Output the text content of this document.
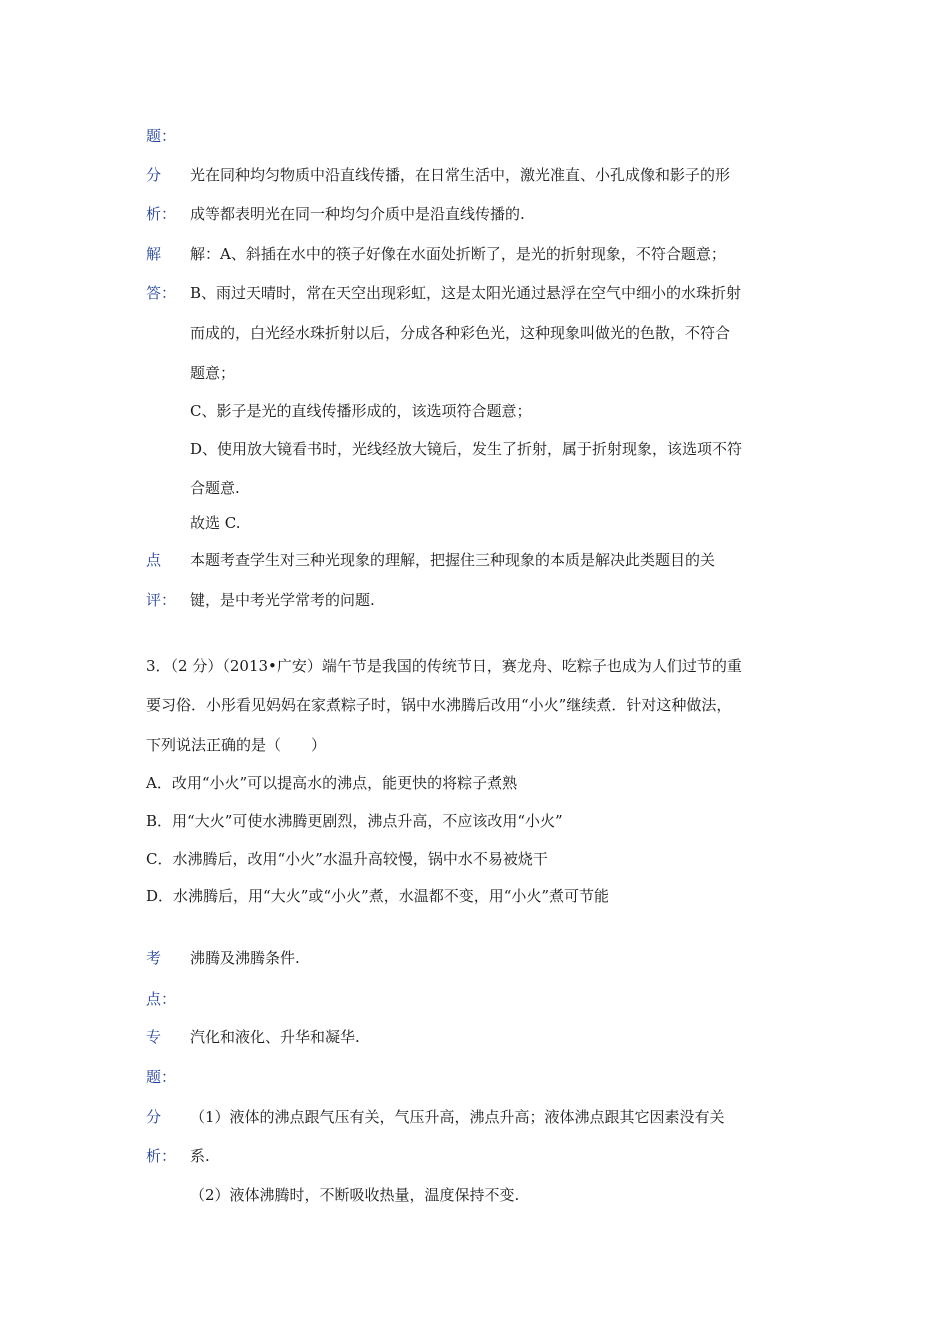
题：
分
析：
光在同种均匀物质中沿直线传播，在日常生活中，激光准直、小孔成像和影子的形
成等都表明光在同一种均匀介质中是沿直线传播的.
解
答：
解：A、斜插在水中的筷子好像在水面处折断了，是光的折射现象，不符合题意；
B、雨过天晴时，常在天空出现彩虹，这是太阳光通过悬浮在空气中细小的水珠折射
而成的，白光经水珠折射以后，分成各种彩色光，这种现象叫做光的色散，不符合
题意；
C、影子是光的直线传播形成的，该选项符合题意；
D、使用放大镜看书时，光线经放大镜后，发生了折射，属于折射现象，该选项不符
合题意.
故选 C.
点
评：
本题考查学生对三种光现象的理解，把握住三种现象的本质是解决此类题目的关
键，是中考光学常考的问题.
3．（2 分）（2013•广安）端午节是我国的传统节日，赛龙舟、吃粽子也成为人们过节的重
要习俗．小彤看见妈妈在家煮粽子时，锅中水沸腾后改用“小火”继续煮．针对这种做法，
下列说法正确的是（　　）
A．改用“小火”可以提高水的沸点，能更快的将粽子煮熟
B．用“大火”可使水沸腾更剧烈，沸点升高，不应该改用“小火”
C．水沸腾后，改用“小火”水温升高较慢，锅中水不易被烧干
D．水沸腾后，用“大火”或“小火”煮，水温都不变，用“小火”煮可节能
考
点：
沸腾及沸腾条件.
专
题：
汽化和液化、升华和凝华.
分
析：
（1）液体的沸点跟气压有关，气压升高，沸点升高；液体沸点跟其它因素没有关
系.
（2）液体沸腾时，不断吸收热量，温度保持不变.
